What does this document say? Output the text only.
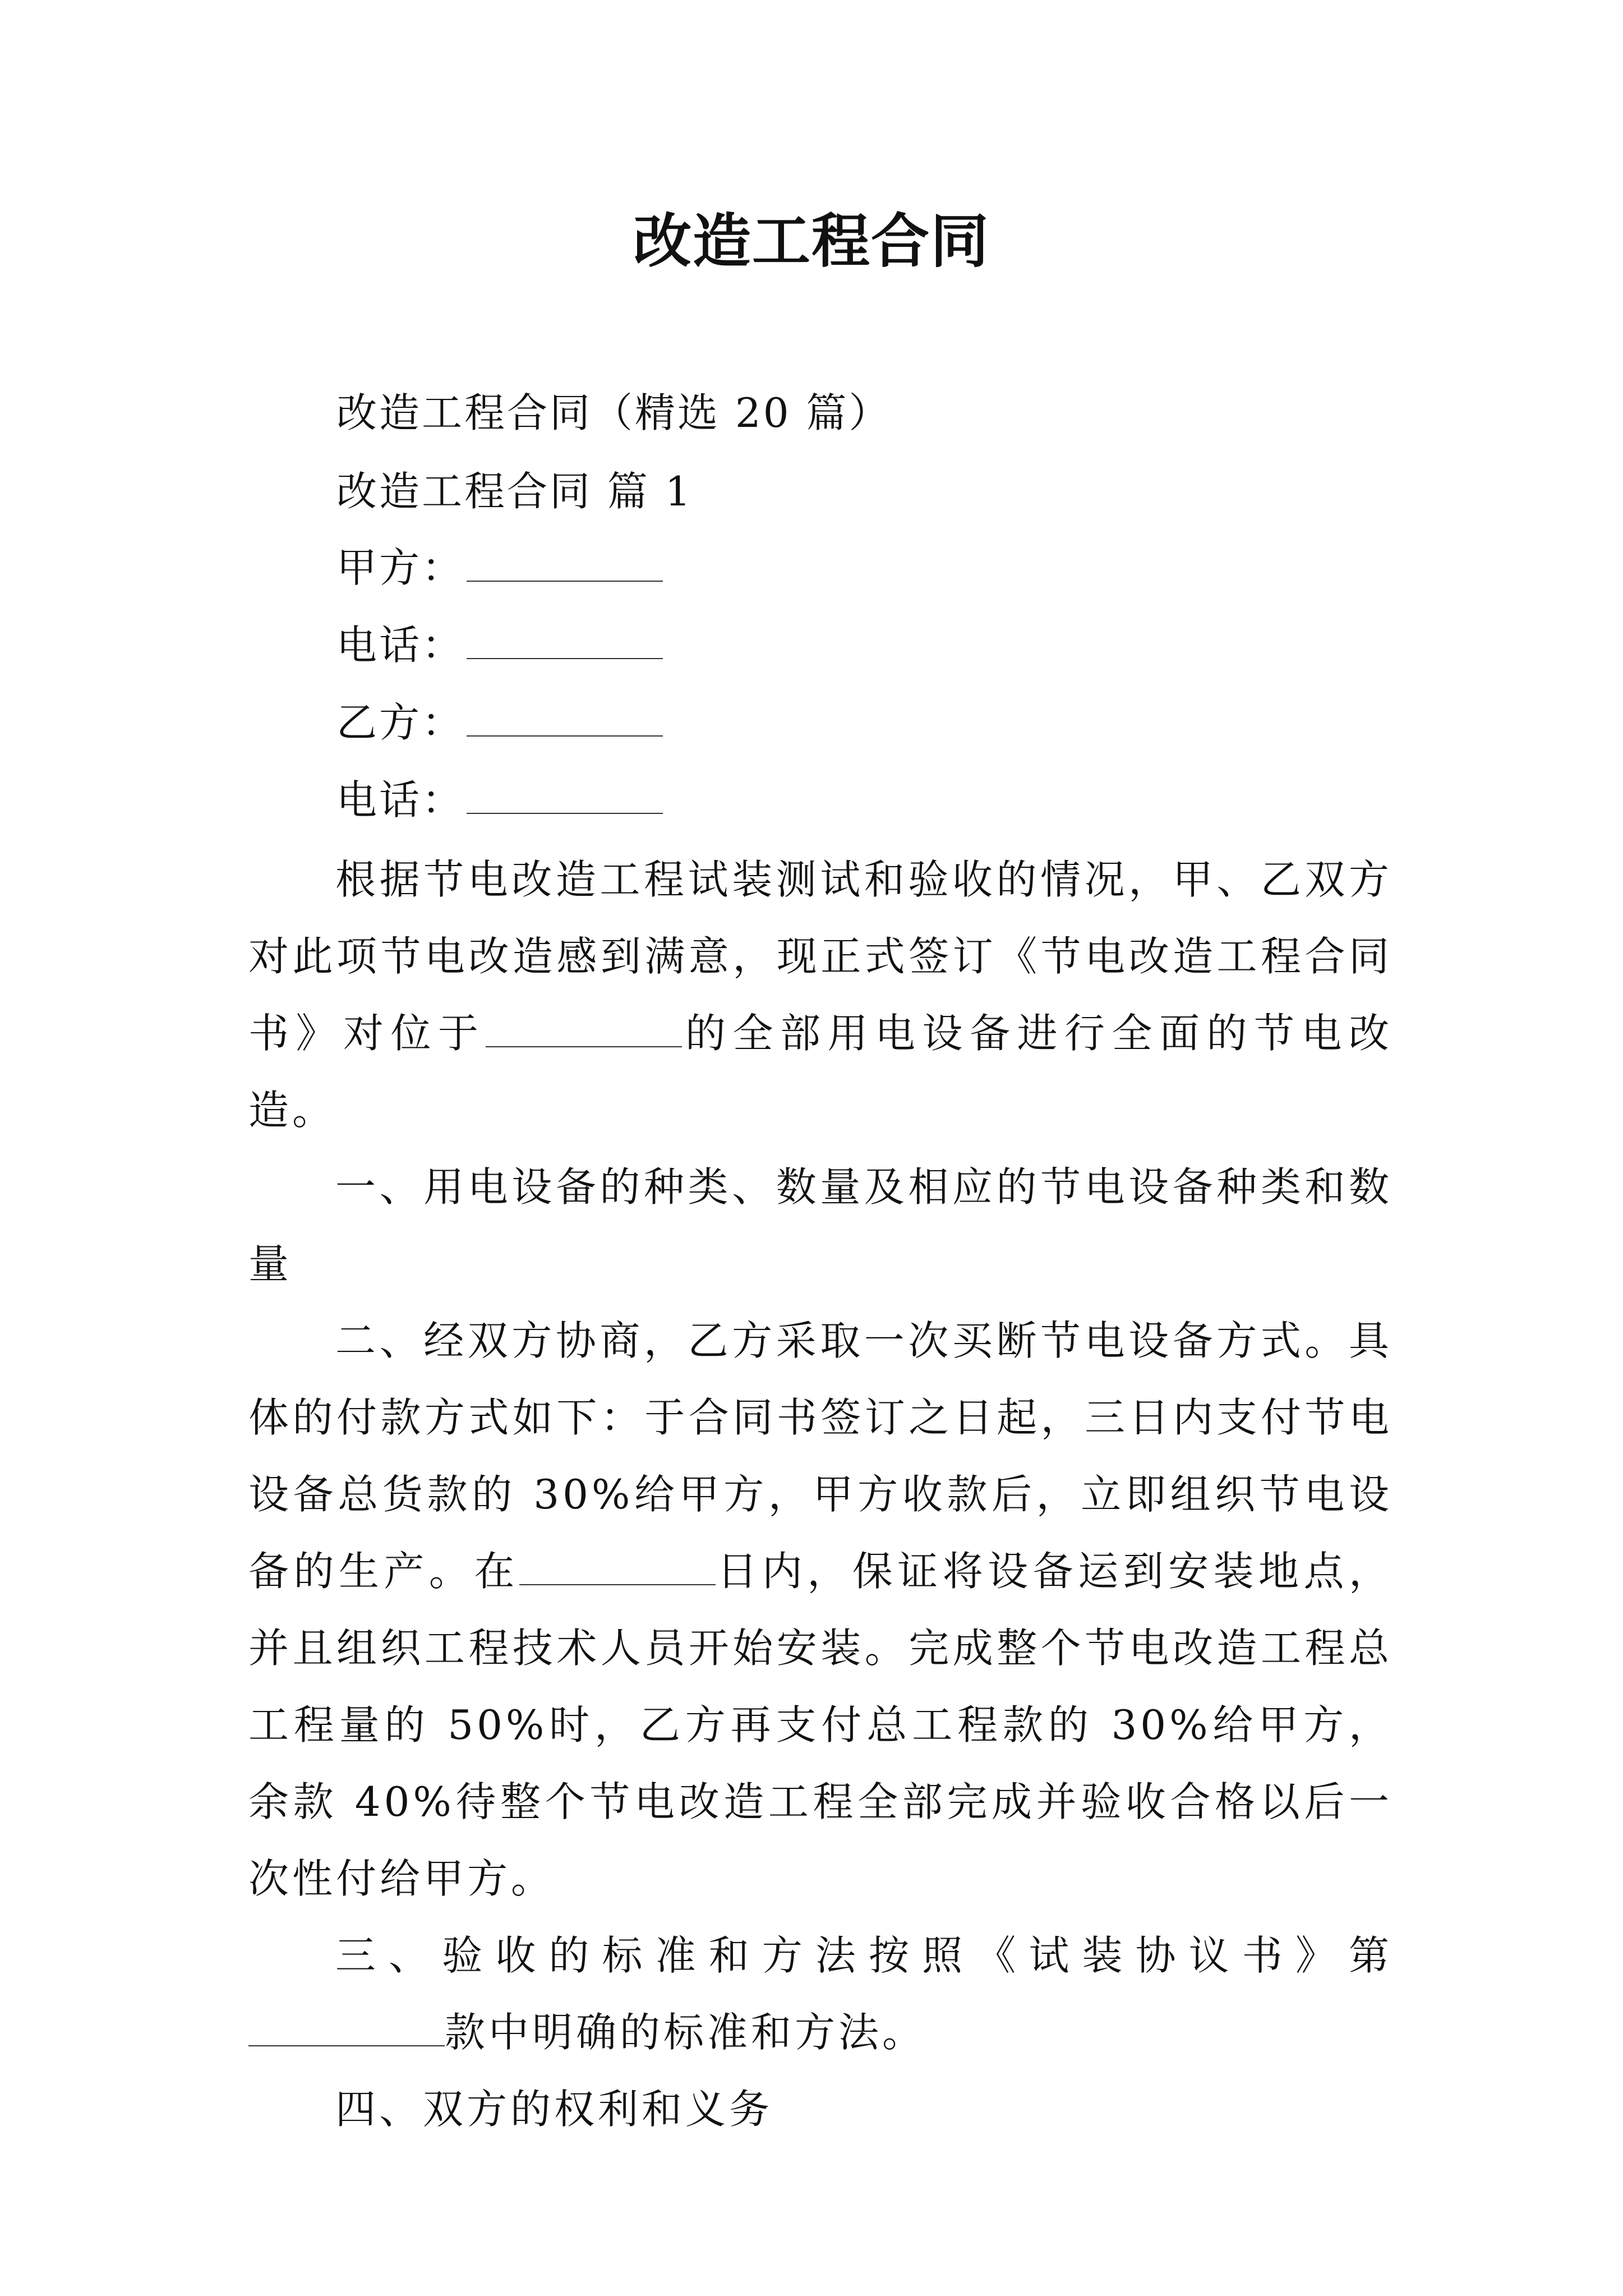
改造工程合同
改造工程合同（精选 20 篇）
改造工程合同 篇 1
甲方：
电话：
乙方：
电话：

根据节电改造工程试装测试和验收的情况，甲、乙双方对此项节电改造感到满意，现正式签订《节电改造工程合同书》对位于	的全部用电设备进行全面的节电改造。

一、用电设备的种类、数量及相应的节电设备种类和数量

二、经双方协商，乙方采取一次买断节电设备方式。具体的付款方式如下：于合同书签订之日起，三日内支付节电设备总货款的 30%给甲方，甲方收款后，立即组织节电设备的生产。在	日内，保证将设备运到安装地点，并且组织工程技术人员开始安装。完成整个节电改造工程总工程量的 50%时，乙方再支付总工程款的 30%给甲方，余款 40%待整个节电改造工程全部完成并验收合格以后一次性付给甲方。

三、验收的标准和方法按照《试装协议书》第款中明确的标准和方法。

四、双方的权利和义务
